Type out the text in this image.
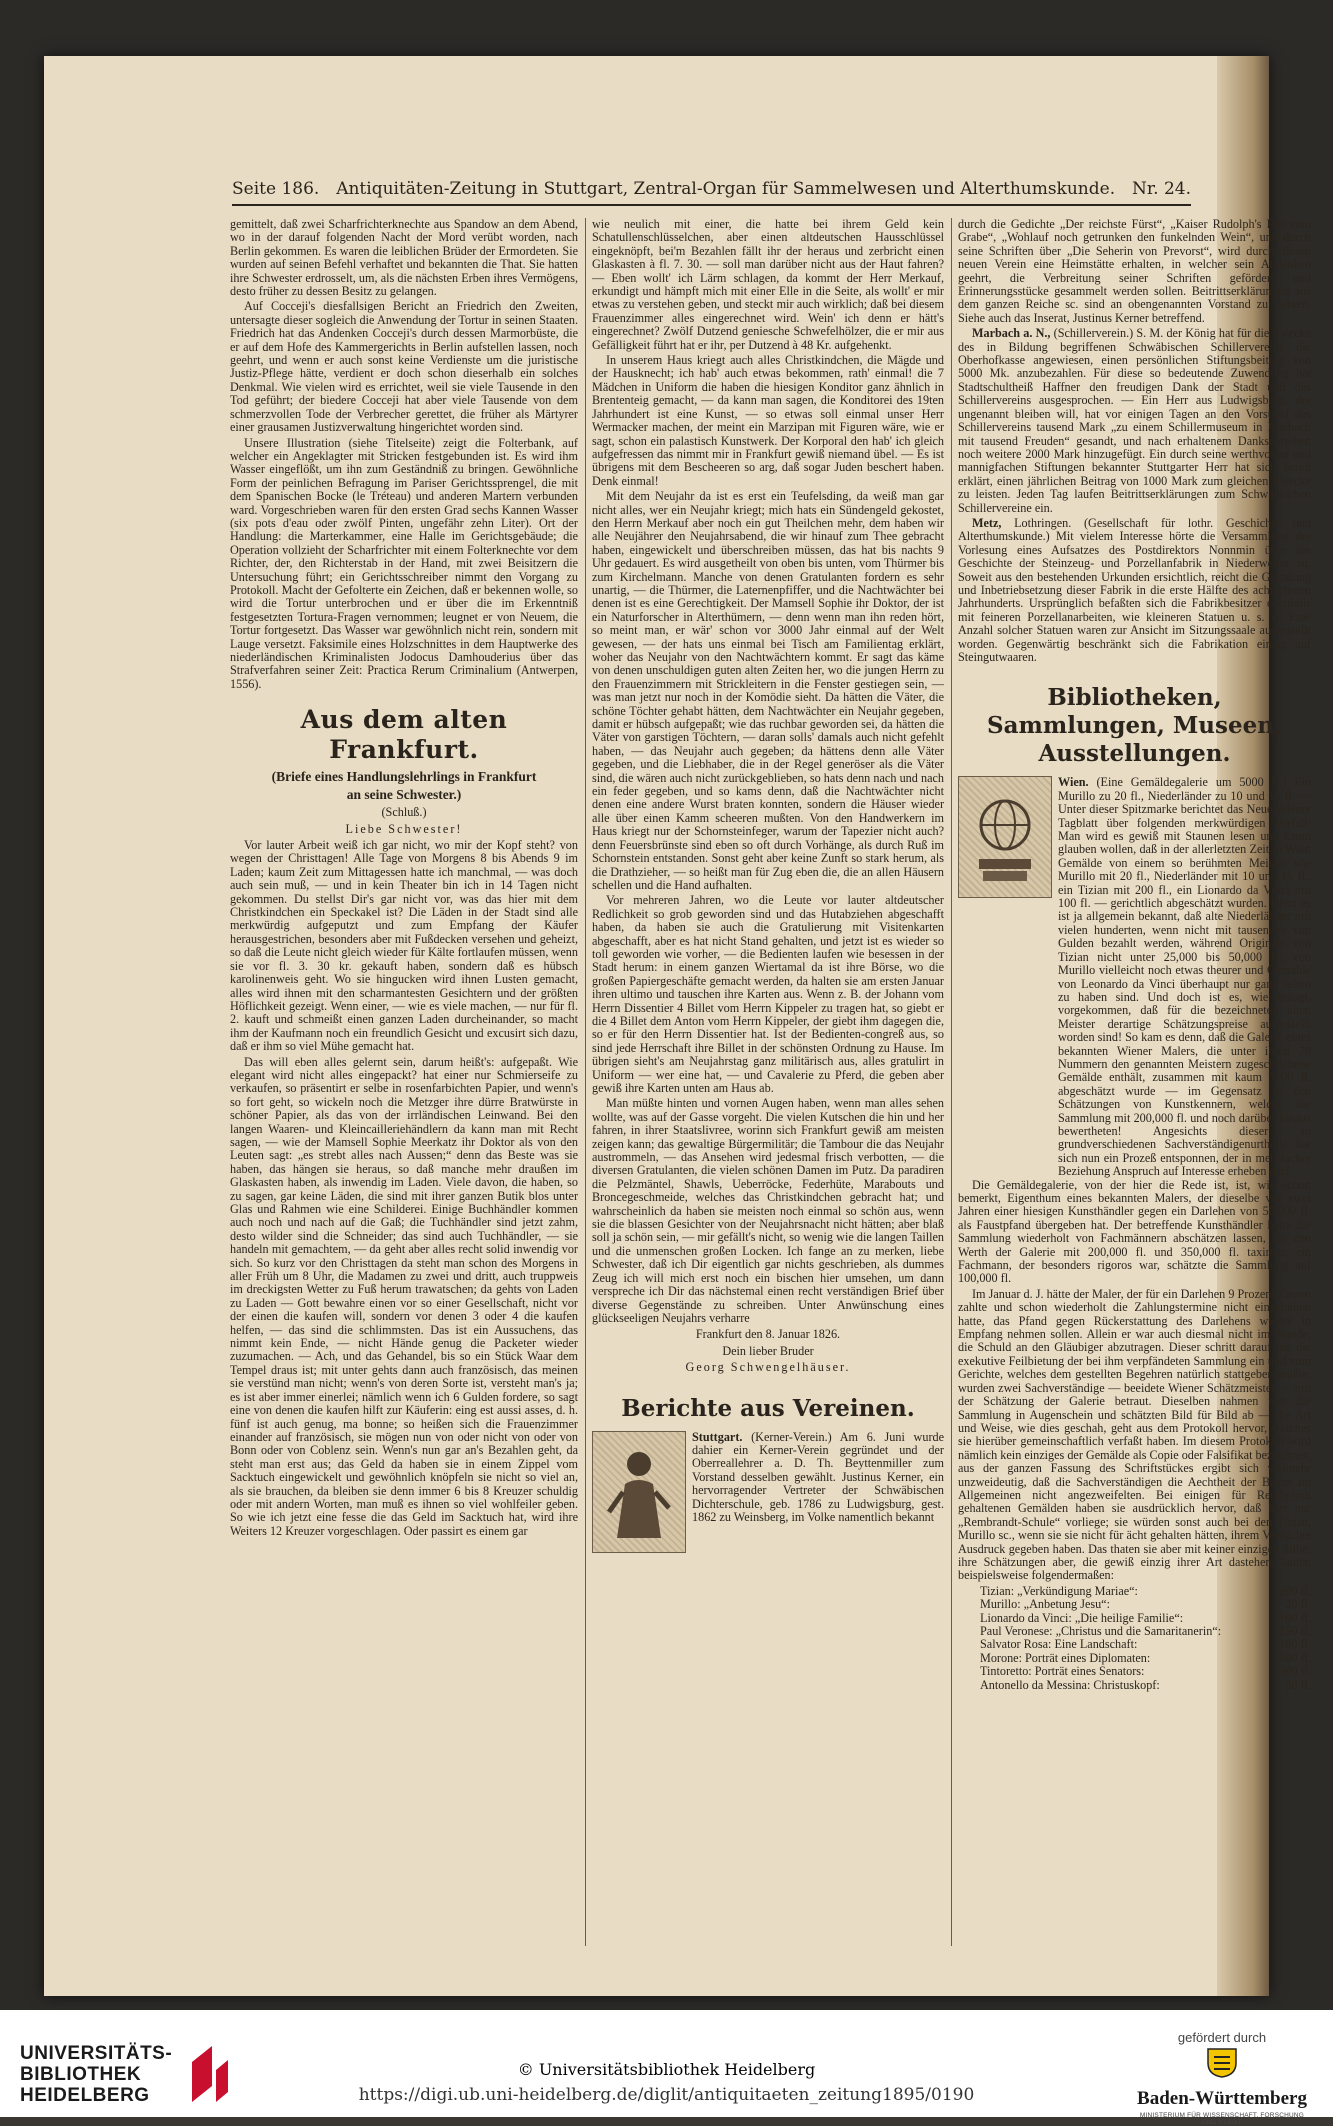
Seite 186. Antiquitäten-Zeitung in Stuttgart, Zentral-Organ für Sammelwesen und Alterthumskunde. Nr. 24.

gemittelt, daß zwei Scharfrichterknechte aus Spandow an dem Abend, wo in der darauf folgenden Nacht der Mord verübt worden, nach Berlin gekommen. Es waren die leiblichen Brüder der Ermordeten. Sie wurden auf seinen Befehl verhaftet und bekannten die That. Sie hatten ihre Schwester erdrosselt, um, als die nächsten Erben ihres Vermögens, desto früher zu dessen Besitz zu gelangen.

Auf Cocceji's diesfallsigen Bericht an Friedrich den Zweiten, untersagte dieser sogleich die Anwendung der Tortur in seinen Staaten. Friedrich hat das Andenken Cocceji's durch dessen Marmorbüste, die er auf dem Hofe des Kammergerichts in Berlin aufstellen lassen, noch geehrt, und wenn er auch sonst keine Verdienste um die juristische Justiz-Pflege hätte, verdient er doch schon dieserhalb ein solches Denkmal. Wie vielen wird es errichtet, weil sie viele Tausende in den Tod geführt; der biedere Cocceji hat aber viele Tausende von dem schmerzvollen Tode der Verbrecher gerettet, die früher als Märtyrer einer grausamen Justizverwaltung hingerichtet worden sind.

Unsere Illustration (siehe Titelseite) zeigt die Folterbank, auf welcher ein Angeklagter mit Stricken festgebunden ist. Es wird ihm Wasser eingeflößt, um ihn zum Geständniß zu bringen. Gewöhnliche Form der peinlichen Befragung im Pariser Gerichtssprengel, die mit dem Spanischen Bocke (le Tréteau) und anderen Martern verbunden ward. Vorgeschrieben waren für den ersten Grad sechs Kannen Wasser (six pots d'eau oder zwölf Pinten, ungefähr zehn Liter). Ort der Handlung: die Marterkammer, eine Halle im Gerichtsgebäude; die Operation vollzieht der Scharfrichter mit einem Folterknechte vor dem Richter, der, den Richterstab in der Hand, mit zwei Beisitzern die Untersuchung führt; ein Gerichtsschreiber nimmt den Vorgang zu Protokoll. Macht der Gefolterte ein Zeichen, daß er bekennen wolle, so wird die Tortur unterbrochen und er über die im Erkenntniß festgesetzten Tortura-Fragen vernommen; leugnet er von Neuem, die Tortur fortgesetzt. Das Wasser war gewöhnlich nicht rein, sondern mit Lauge versetzt. Faksimile eines Holzschnittes in dem Hauptwerke des niederländischen Kriminalisten Jodocus Damhouderius über das Strafverfahren seiner Zeit: Practica Rerum Criminalium (Antwerpen, 1556).

Aus dem alten Frankfurt.
(Briefe eines Handlungslehrlings in Frankfurt
an seine Schwester.)
(Schluß.)
Liebe Schwester!

Vor lauter Arbeit weiß ich gar nicht, wo mir der Kopf steht? von wegen der Christtagen! Alle Tage von Morgens 8 bis Abends 9 im Laden; kaum Zeit zum Mittagessen hatte ich manchmal, — was doch auch sein muß, — und in kein Theater bin ich in 14 Tagen nicht gekommen. Du stellst Dir's gar nicht vor, was das hier mit dem Christkindchen ein Speckakel ist? Die Läden in der Stadt sind alle merkwürdig aufgeputzt und zum Empfang der Käufer herausgestrichen, besonders aber mit Fußdecken versehen und geheizt, so daß die Leute nicht gleich wieder für Kälte fortlaufen müssen, wenn sie vor fl. 3. 30 kr. gekauft haben, sondern daß es hübsch karolinenweis geht. Wo sie hingucken wird ihnen Lusten gemacht, alles wird ihnen mit den scharmantesten Gesichtern und der größten Höflichkeit gezeigt. Wenn einer, — wie es viele machen, — nur für fl. 2. kauft und schmeißt einen ganzen Laden durcheinander, so macht ihm der Kaufmann noch ein freundlich Gesicht und excusirt sich dazu, daß er ihm so viel Mühe gemacht hat.

Das will eben alles gelernt sein, darum heißt's: aufgepaßt. Wie elegant wird nicht alles eingepackt? hat einer nur Schmierseife zu verkaufen, so präsentirt er selbe in rosenfarbichten Papier, und wenn's so fort geht, so wickeln noch die Metzger ihre dürre Bratwürste in schöner Papier, als das von der irrländischen Leinwand. Bei den langen Waaren- und Kleincailleriehändlern da kann man mit Recht sagen, — wie der Mamsell Sophie Meerkatz ihr Doktor als von den Leuten sagt: „es strebt alles nach Aussen;“ denn das Beste was sie haben, das hängen sie heraus, so daß manche mehr draußen im Glaskasten haben, als inwendig im Laden. Viele davon, die haben, so zu sagen, gar keine Läden, die sind mit ihrer ganzen Butik blos unter Glas und Rahmen wie eine Schilderei. Einige Buchhändler kommen auch noch und nach auf die Gaß; die Tuchhändler sind jetzt zahm, desto wilder sind die Schneider; das sind auch Tuchhändler, — sie handeln mit gemachtem, — da geht aber alles recht solid inwendig vor sich. So kurz vor den Christtagen da steht man schon des Morgens in aller Früh um 8 Uhr, die Madamen zu zwei und dritt, auch truppweis im dreckigsten Wetter zu Fuß herum trawatschen; da gehts von Laden zu Laden — Gott bewahre einen vor so einer Gesellschaft, nicht vor der einen die kaufen will, sondern vor denen 3 oder 4 die kaufen helfen, — das sind die schlimmsten. Das ist ein Aussuchens, das nimmt kein Ende, — nicht Hände genug die Packeter wieder zuzumachen. — Ach, und das Gehandel, bis so ein Stück Waar dem Tempel draus ist; mit unter gehts dann auch französisch, das meinen sie verstünd man nicht; wenn's von deren Sorte ist, versteht man's ja; es ist aber immer einerlei; nämlich wenn ich 6 Gulden fordere, so sagt eine von denen die kaufen hilft zur Käuferin: eing est aussi asses, d. h. fünf ist auch genug, ma bonne; so heißen sich die Frauenzimmer einander auf französisch, sie mögen nun von oder nicht von oder von Bonn oder von Coblenz sein. Wenn's nun gar an's Bezahlen geht, da steht man erst aus; das Geld da haben sie in einem Zippel vom Sacktuch eingewickelt und gewöhnlich knöpfeln sie nicht so viel an, als sie brauchen, da bleiben sie denn immer 6 bis 8 Kreuzer schuldig oder mit andern Worten, man muß es ihnen so viel wohlfeiler geben. So wie ich jetzt eine fesse die das Geld im Sacktuch hat, wird ihre Weiters 12 Kreuzer vorgeschlagen. Oder passirt es einem gar

wie neulich mit einer, die hatte bei ihrem Geld kein Schatullenschlüsselchen, aber einen altdeutschen Hausschlüssel eingeknöpft, bei'm Bezahlen fällt ihr der heraus und zerbricht einen Glaskasten à fl. 7. 30. — soll man darüber nicht aus der Haut fahren? — Eben wollt' ich Lärm schlagen, da kommt der Herr Merkauf, erkundigt und hämpft mich mit einer Elle in die Seite, als wollt' er mir etwas zu verstehen geben, und steckt mir auch wirklich; daß bei diesem Frauenzimmer alles eingerechnet wird. Wein' ich denn er hätt's eingerechnet? Zwölf Dutzend geniesche Schwefelhölzer, die er mir aus Gefälligkeit führt hat er ihr, per Dutzend à 48 Kr. aufgehenkt.

In unserem Haus kriegt auch alles Christkindchen, die Mägde und der Hausknecht; ich hab' auch etwas bekommen, rath' einmal! die 7 Mädchen in Uniform die haben die hiesigen Konditor ganz ähnlich in Brententeig gemacht, — da kann man sagen, die Konditorei des 19ten Jahrhundert ist eine Kunst, — so etwas soll einmal unser Herr Wermacker machen, der meint ein Marzipan mit Figuren wäre, wie er sagt, schon ein palastisch Kunstwerk. Der Korporal den hab' ich gleich aufgefressen das nimmt mir in Frankfurt gewiß niemand übel. — Es ist übrigens mit dem Bescheeren so arg, daß sogar Juden beschert haben. Denk einmal!

Mit dem Neujahr da ist es erst ein Teufelsding, da weiß man gar nicht alles, wer ein Neujahr kriegt; mich hats ein Sündengeld gekostet, den Herrn Merkauf aber noch ein gut Theilchen mehr, dem haben wir alle Neujährer den Neujahrsabend, die wir hinauf zum Thee gebracht haben, eingewickelt und überschreiben müssen, das hat bis nachts 9 Uhr gedauert. Es wird ausgetheilt von oben bis unten, vom Thürmer bis zum Kirchelmann. Manche von denen Gratulanten fordern es sehr unartig, — die Thürmer, die Laternenpfiffer, und die Nachtwächter bei denen ist es eine Gerechtigkeit. Der Mamsell Sophie ihr Doktor, der ist ein Naturforscher in Alterthümern, — denn wenn man ihn reden hört, so meint man, er wär' schon vor 3000 Jahr einmal auf der Welt gewesen, — der hats uns einmal bei Tisch am Familientag erklärt, woher das Neujahr von den Nachtwächtern kommt. Er sagt das käme von denen unschuldigen guten alten Zeiten her, wo die jungen Herrn zu den Frauenzimmern mit Strickleitern in die Fenster gestiegen sein, — was man jetzt nur noch in der Komödie sieht. Da hätten die Väter, die schöne Töchter gehabt hätten, dem Nachtwächter ein Neujahr gegeben, damit er hübsch aufgepaßt; wie das ruchbar geworden sei, da hätten die Väter von garstigen Töchtern, — daran solls' damals auch nicht gefehlt haben, — das Neujahr auch gegeben; da hättens denn alle Väter gegeben, und die Liebhaber, die in der Regel generöser als die Väter sind, die wären auch nicht zurückgeblieben, so hats denn nach und nach ein feder gegeben, und so kams denn, daß die Nachtwächter nicht denen eine andere Wurst braten konnten, sondern die Häuser wieder alle über einen Kamm scheeren mußten. Von den Handwerkern im Haus kriegt nur der Schornsteinfeger, warum der Tapezier nicht auch? denn Feuersbrünste sind eben so oft durch Vorhänge, als durch Ruß im Schornstein entstanden. Sonst geht aber keine Zunft so stark herum, als die Drathzieher, — so heißt man für Zug eben die, die an allen Häusern schellen und die Hand aufhalten.

Vor mehreren Jahren, wo die Leute vor lauter altdeutscher Redlichkeit so grob geworden sind und das Hutabziehen abgeschafft haben, da haben sie auch die Gratulierung mit Visitenkarten abgeschafft, aber es hat nicht Stand gehalten, und jetzt ist es wieder so toll geworden wie vorher, — die Bedienten laufen wie besessen in der Stadt herum: in einem ganzen Wiertamal da ist ihre Börse, wo die großen Papiergeschäfte gemacht werden, da halten sie am ersten Januar ihren ultimo und tauschen ihre Karten aus. Wenn z. B. der Johann vom Herrn Dissentier 4 Billet vom Herrn Kippeler zu tragen hat, so giebt er die 4 Billet dem Anton vom Herrn Kippeler, der giebt ihm dagegen die, so er für den Herrn Dissentier hat. Ist der Bedienten-congreß aus, so sind jede Herrschaft ihre Billet in der schönsten Ordnung zu Hause. Im übrigen sieht's am Neujahrstag ganz militärisch aus, alles gratulirt in Uniform — wer eine hat, — und Cavalerie zu Pferd, die geben aber gewiß ihre Karten unten am Haus ab.

Man müßte hinten und vornen Augen haben, wenn man alles sehen wollte, was auf der Gasse vorgeht. Die vielen Kutschen die hin und her fahren, in ihrer Staatslivree, worinn sich Frankfurt gewiß am meisten zeigen kann; das gewaltige Bürgermilitär; die Tambour die das Neujahr austrommeln, — das Ansehen wird jedesmal frisch verbotten, — die diversen Gratulanten, die vielen schönen Damen im Putz. Da paradiren die Pelzmäntel, Shawls, Ueberröcke, Federhüte, Marabouts und Broncegeschmeide, welches das Christkindchen gebracht hat; und wahrscheinlich da haben sie meisten noch einmal so schön aus, wenn sie die blassen Gesichter von der Neujahrsnacht nicht hätten; aber blaß soll ja schön sein, — mir gefällt's nicht, so wenig wie die langen Taillen und die unmenschen großen Locken. Ich fange an zu merken, liebe Schwester, daß ich Dir eigentlich gar nichts geschrieben, als dummes Zeug ich will mich erst noch ein bischen hier umsehen, um dann verspreche ich Dir das nächstemal einen recht verständigen Brief über diverse Gegenstände zu schreiben. Unter Anwünschung eines glückseeligen Neujahrs verharre

Frankfurt den 8. Januar 1826.
Dein lieber Bruder
Georg Schwengelhäuser.
Berichte aus Vereinen.

Stuttgart. (Kerner-Verein.) Am 6. Juni wurde dahier ein Kerner-Verein gegründet und der Oberreallehrer a. D. Th. Beyttenmiller zum Vorstand desselben gewählt. Justinus Kerner, ein hervorragender Vertreter der Schwäbischen Dichterschule, geb. 1786 zu Ludwigsburg, gest. 1862 zu Weinsberg, im Volke namentlich bekannt

durch die Gedichte „Der reichste Fürst“, „Kaiser Rudolph's Ritt zum Grabe“, „Wohlauf noch getrunken den funkelnden Wein“, und durch seine Schriften über „Die Seherin von Prevorst“, wird durch diesen neuen Verein eine Heimstätte erhalten, in welcher sein Andenken geehrt, die Verbreitung seiner Schriften gefördert und Erinnerungsstücke gesammelt werden sollen. Beitrittserklärungen aus dem ganzen Reiche sc. sind an obengenannten Vorstand zu richten. Siehe auch das Inserat, Justinus Kerner betreffend.

Marbach a. N., (Schillerverein.) S. M. der König hat für die Zwecke des in Bildung begriffenen Schwäbischen Schillervereins die Oberhofkasse angewiesen, einen persönlichen Stiftungsbeitrag von 5000 Mk. anzubezahlen. Für diese so bedeutende Zuwendung hat Stadtschultheiß Haffner den freudigen Dank der Stadt und des Schillervereins ausgesprochen. — Ein Herr aus Ludwigsburg, der ungenannt bleiben will, hat vor einigen Tagen an den Vorstand des Schillervereins tausend Mark „zu einem Schillermuseum in Marbach mit tausend Freuden“ gesandt, und nach erhaltenem Dankschreiben noch weitere 2000 Mark hinzugefügt. Ein durch seine werthvollen und mannigfachen Stiftungen bekannter Stuttgarter Herr hat sich bereit erklärt, einen jährlichen Beitrag von 1000 Mark zum gleichen Zwecke zu leisten. Jeden Tag laufen Beitrittserklärungen zum Schwäbischen Schillervereine ein.

Metz, Lothringen. (Gesellschaft für lothr. Geschichte und Alterthumskunde.) Mit vielem Interesse hörte die Versammlung der Vorlesung eines Aufsatzes des Postdirektors Nonnmin über die Geschichte der Steinzeug- und Porzellanfabrik in Niederweiler zu. Soweit aus den bestehenden Urkunden ersichtlich, reicht die Gründung und Inbetriebsetzung dieser Fabrik in die erste Hälfte des achtzehnten Jahrhunderts. Ursprünglich befaßten sich die Fabrikbesitzer ebenfalls mit feineren Porzellanarbeiten, wie kleineren Statuen u. s. w. Eine Anzahl solcher Statuen waren zur Ansicht im Sitzungssaale ausgestellt worden. Gegenwärtig beschränkt sich die Fabrikation einzig auf Steingutwaaren.

Bibliotheken, Sammlungen, Museen, Ausstellungen.

Wien. (Eine Gemäldegalerie um 5000 fl.) Ein Murillo zu 20 fl., Niederländer zu 10 und 15 fl. — Unter dieser Spitzmarke berichtet das Neue Wiener Tagblatt über folgenden merkwürdigen Vorfall: Man wird es gewiß mit Staunen lesen und kaum glauben wollen, daß in der allerletzten Zeit in Wien Gemälde von einem so berühmten Meister wie Murillo mit 20 fl., Niederländer mit 10 und 15 fl., ein Tizian mit 200 fl., ein Lionardo da Vinci mit 100 fl. — gerichtlich abgeschätzt wurden. Denn es ist ja allgemein bekannt, daß alte Niederländer mit vielen hunderten, wenn nicht mit tausenden von Gulden bezahlt werden, während Originale von Tizian nicht unter 25,000 bis 50,000 fl., von Murillo vielleicht noch etwas theurer und Gemälde von Leonardo da Vinci überhaupt nur ganz selten zu haben sind. Und doch ist es, wie gesagt, vorgekommen, daß für die bezeichneten alten Meister derartige Schätzungspreise aufgestellt worden sind! So kam es denn, daß die Galerie eines bekannten Wiener Malers, die unter ihren 70 Nummern den genannten Meistern zugeschriebene Gemälde enthält, zusammen mit kaum 5000 fl. abgeschätzt wurde — im Gegensatz zu den Schätzungen von Kunstkennern, welche die Sammlung mit 200,000 fl. und noch darüber hinaus bewertheten! Angesichts dieser so grundverschiedenen Sachverständigenurtheile hat sich nun ein Prozeß entsponnen, der in mehrfacher Beziehung Anspruch auf Interesse erheben darf.

Die Gemäldegalerie, von der hier die Rede ist, ist, wie schon bemerkt, Eigenthum eines bekannten Malers, der dieselbe vor zwei Jahren einer hiesigen Kunsthändler gegen ein Darlehen von 50,000 fl. als Faustpfand übergeben hat. Der betreffende Kunsthändler hatte die Sammlung wiederholt von Fachmännern abschätzen lassen, die den Werth der Galerie mit 200,000 fl. und 350,000 fl. taxirten; ein Fachmann, der besonders rigoros war, schätzte die Sammlung auf 100,000 fl.

Im Januar d. J. hätte der Maler, der für ein Darlehen 9 Prozent Zinsen zahlte und schon wiederholt die Zahlungstermine nicht eingehalten hatte, das Pfand gegen Rückerstattung des Darlehens wieder in Empfang nehmen sollen. Allein er war auch diesmal nicht im Stande, die Schuld an den Gläubiger abzutragen. Dieser schritt darauf um die exekutive Feilbietung der bei ihm verpfändeten Sammlung ein und vom Gerichte, welches dem gestellten Begehren natürlich stattgeben mußte, wurden zwei Sachverständige — beeidete Wiener Schätzmeister — mit der Schätzung der Galerie betraut. Dieselben nahmen nun die Sammlung in Augenschein und schätzten Bild für Bild ab — die Art und Weise, wie dies geschah, geht aus dem Protokoll hervor, welches sie hierüber gemeinschaftlich verfaßt haben. Im diesem Protokoll wird nämlich kein einziges der Gemälde als Copie oder Falsifikat bezeichnet; aus der ganzen Fassung des Schriftstückes ergibt sich vielmehr unzweideutig, daß die Sachverständigen die Aechtheit der Bilder im Allgemeinen nicht angezweifelten. Bei einigen für Rembrandt gehaltenen Gemälden haben sie ausdrücklich hervor, daß hier nur „Rembrandt-Schule“ vorliege; sie würden sonst auch bei den Tizian, Murillo sc., wenn sie sie nicht für ächt gehalten hätten, ihrem Verdachte Ausdruck gegeben haben. Das thaten sie aber mit keiner einzigen Silbe; ihre Schätzungen aber, die gewiß einzig ihrer Art dastehen, lauten beispielsweise folgendermaßen:

Tizian: „Verkündigung Mariae“:	200 fl.
Murillo: „Anbetung Jesu“:	20 fl.
Lionardo da Vinci: „Die heilige Familie“:	100 fl.
Paul Veronese: „Christus und die Samaritanerin“:	150 fl.
Salvator Rosa: Eine Landschaft:	100 fl.
Morone: Porträt eines Diplomaten:	500 fl.
Tintoretto: Porträt eines Senators:	300 fl.
Antonello da Messina: Christuskopf:	50 fl.
UNIVERSITÄTS-
BIBLIOTHEK
HEIDELBERG
gefördert durch
Baden-Württemberg
MINISTERIUM FÜR WISSENSCHAFT, FORSCHUNG UND KUNST
© Universitätsbibliothek Heidelberg
https://digi.ub.uni-heidelberg.de/diglit/antiquitaeten_zeitung1895/0190
